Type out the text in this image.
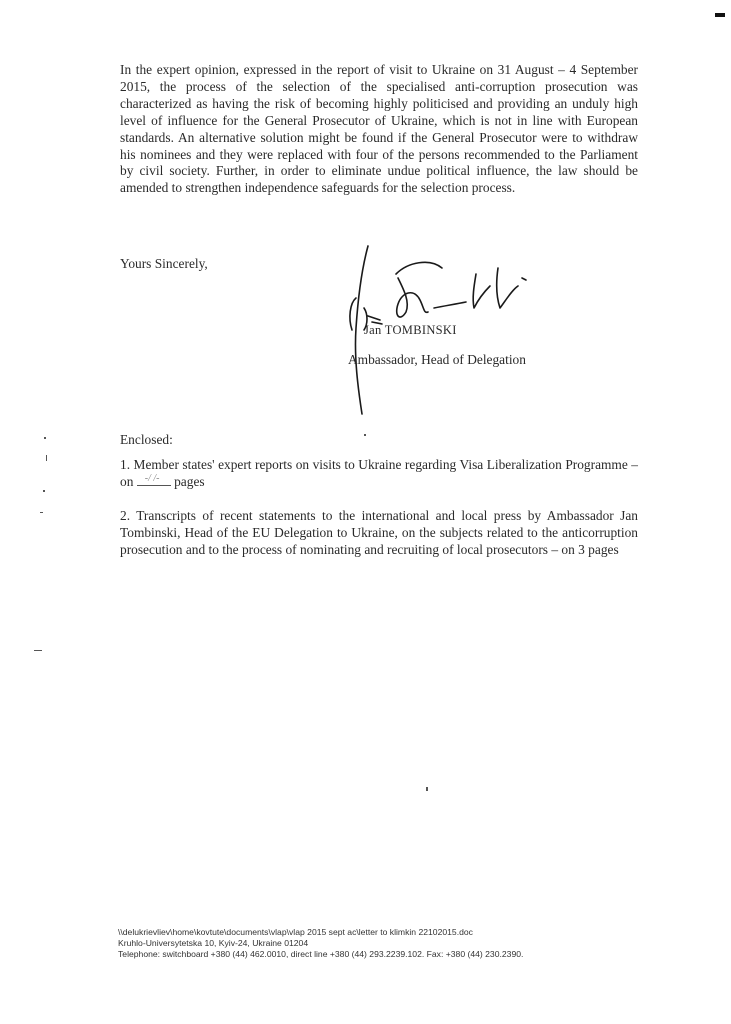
In the expert opinion, expressed in the report of visit to Ukraine on 31 August – 4 September 2015, the process of the selection of the specialised anti-corruption prosecution was characterized as having the risk of becoming highly politicised and providing an unduly high level of influence for the General Prosecutor of Ukraine, which is not in line with European standards. An alternative solution might be found if the General Prosecutor were to withdraw his nominees and they were replaced with four of the persons recommended to the Parliament by civil society. Further, in order to eliminate undue political influence, the law should be amended to strengthen independence safeguards for the selection process.

Yours Sincerely,
Jan TOMBINSKI
Ambassador, Head of Delegation
Enclosed:

1. Member states' expert reports on visits to Ukraine regarding Visa Liberalization Programme – on -/ /- pages

2. Transcripts of recent statements to the international and local press by Ambassador Jan Tombinski, Head of the EU Delegation to Ukraine, on the subjects related to the anticorruption prosecution and to the process of nominating and recruiting of local prosecutors – on 3 pages

\\delukrievliev\home\kovtute\documents\vlap\vlap 2015 sept ac\letter to klimkin 22102015.doc
Kruhlo-Universytetska 10, Kyiv-24, Ukraine 01204
Telephone: switchboard +380 (44) 462.0010, direct line +380 (44) 293.2239.102. Fax: +380 (44) 230.2390.
